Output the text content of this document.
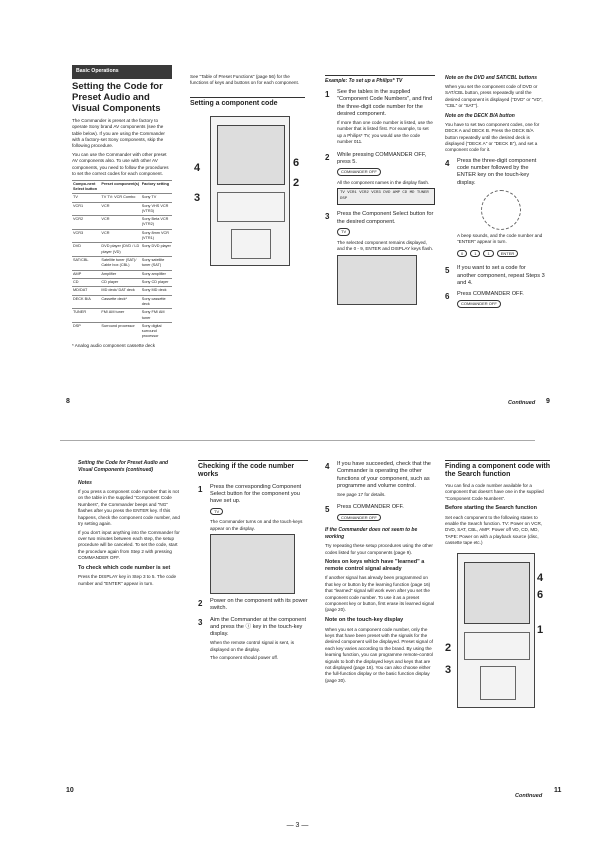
Basic Operations
Setting the Code for Preset Audio and Visual Components

The Commander is preset at the factory to operate Sony brand AV components (see the table below). If you are using the Commander with a factory-set Sony components, skip the following procedure.

You can use the Commander with other preset AV components also. To use with other AV components, you need to follow the procedures to set the correct codes for each component.

Compo-nent Select button	Preset component(s)	Factory setting
TV	TV TV: VCR Combo	Sony TV
VCR1	VCR	Sony VHS VCR (VTR3)
VCR2	VCR	Sony Beta VCR (VTR2)
VCR3	VCR	Sony 8mm VCR (VTR1)
DVD	DVD player (DVD / LD player (VD)	Sony DVD player
SAT/CBL	Satellite tuner (SAT)/ Cable box (CBL)	Sony satellite tuner (SAT)
AMP	Amplifier	Sony amplifier
CD	CD player	Sony CD player
MD/DAT	MD deck/ DAT deck	Sony MD deck
DECK B/A	Cassette deck*	Sony cassette deck
TUNER	FM/ AM tuner	Sony FM/ AM tuner
DSP	Surround processor	Sony digital surround processor

* Analog audio component cassette deck

See "Table of Preset Functions" (page 56) for the functions of keys and buttons on for each component.

Setting a component code
4
3
6
2
Example: To set up a Philips* TV
1	See the tables in the supplied "Component Code Numbers", and find the three-digit code number for the desired component.

If more than one code number is listed, use the number that is listed first. For example, to set up a Philips* TV, you would use the code number 011.

2	While pressing COMMANDER OFF, press 5.
COMMANDER OFF

All the component names in the display flash.

TV VCR1 VCR2 VCR3 DVD AMP CD MD TUNER DSP
3	Press the Component Select button for the desired component.
TV

The selected component remains displayed, and the 0 - 9, ENTER and DISPLAY keys flash.

Note on the DVD and SAT/CBL buttons

When you set the component code of DVD or SAT/CBL button, press repeatedly until the desired component is displayed ("DVD" or "VD", "CBL" or "SAT").

Note on the DECK B/A button

You have to set two component codes, one for DECK A and DECK B. Press the DECK B/A button repeatedly until the desired deck is displayed ("DECK A" or "DECK B"), and set a component code for it.

4	Press the three-digit component code number followed by the ENTER key on the touch-key display.

A beep sounds, and the code number and "ENTER" appear in turn.

0	1	1	ENTER
5	If you want to set a code for another component, repeat Steps 3 and 4.
6	Press COMMANDER OFF.
COMMANDER OFF
8	Continued 9
Setting the Code for Preset Audio and Visual Components (continued)
Notes

If you press a component code number that is not on the table in the supplied "Component Code Numbers", the Commander beeps and "NG" flashes after you press the ENTER key. If this happens, check the component code number, and try setting again.

If you don't input anything into the Commander for over two minutes between each step, the setup procedure will be canceled. To set the code, start the procedure again from Step 2 with pressing COMMANDER OFF.

To check which code number is set

Press the DISPLAY key in Step 3 to 5. The code number and "ENTER" appear in turn.

Checking if the code number works
1	Press the corresponding Component Select button for the component you have set up.
TV

The Commander turns on and the touch-keys appear on the display.

2	Power on the component with its power switch.
3	Aim the Commander at the component and press the ⓘ key in the touch-key display.

When the remote control signal is sent, is displayed on the display.

The component should power off.

4	If you have succeeded, check that the Commander is operating the other functions of your component, such as programme and volume control.

See page 17 for details.

5	Press COMMANDER OFF.
COMMANDER OFF
If the Commander does not seem to be working

Try repeating these setup procedures using the other codes listed for your components (page 9).

Notes on keys which have "learned" a remote control signal already

If another signal has already been programmed on that key or button by the learning function (page 16) that "learned" signal will work even after you set the component code number. To use it as a preset component key or button, first erase its learned signal (page 20).

Note on the touch-key display

When you set a component code number, only the keys that have been preset with the signals for the desired component will be displayed. Preset signal of each key varies according to the brand. By using the learning function, you can programme remote-control signals to both the displayed keys and keys that are not displayed (page 16). You can also choose either the full-function display or the basic function display (page 30).

Finding a component code with the Search function

You can find a code number available for a component that doesn't have one in the supplied "Component Code Numbers".

Before starting the Search function

Set each component to the following states to enable the Search function. TV: Power on VCR, DVD, SAT, CBL, AMP: Power off VD, CD, MD, TAPE: Power on with a playback source (disc, cassette tape etc.)

4
6
1
2
3
10
Continued
11
— 3 —
